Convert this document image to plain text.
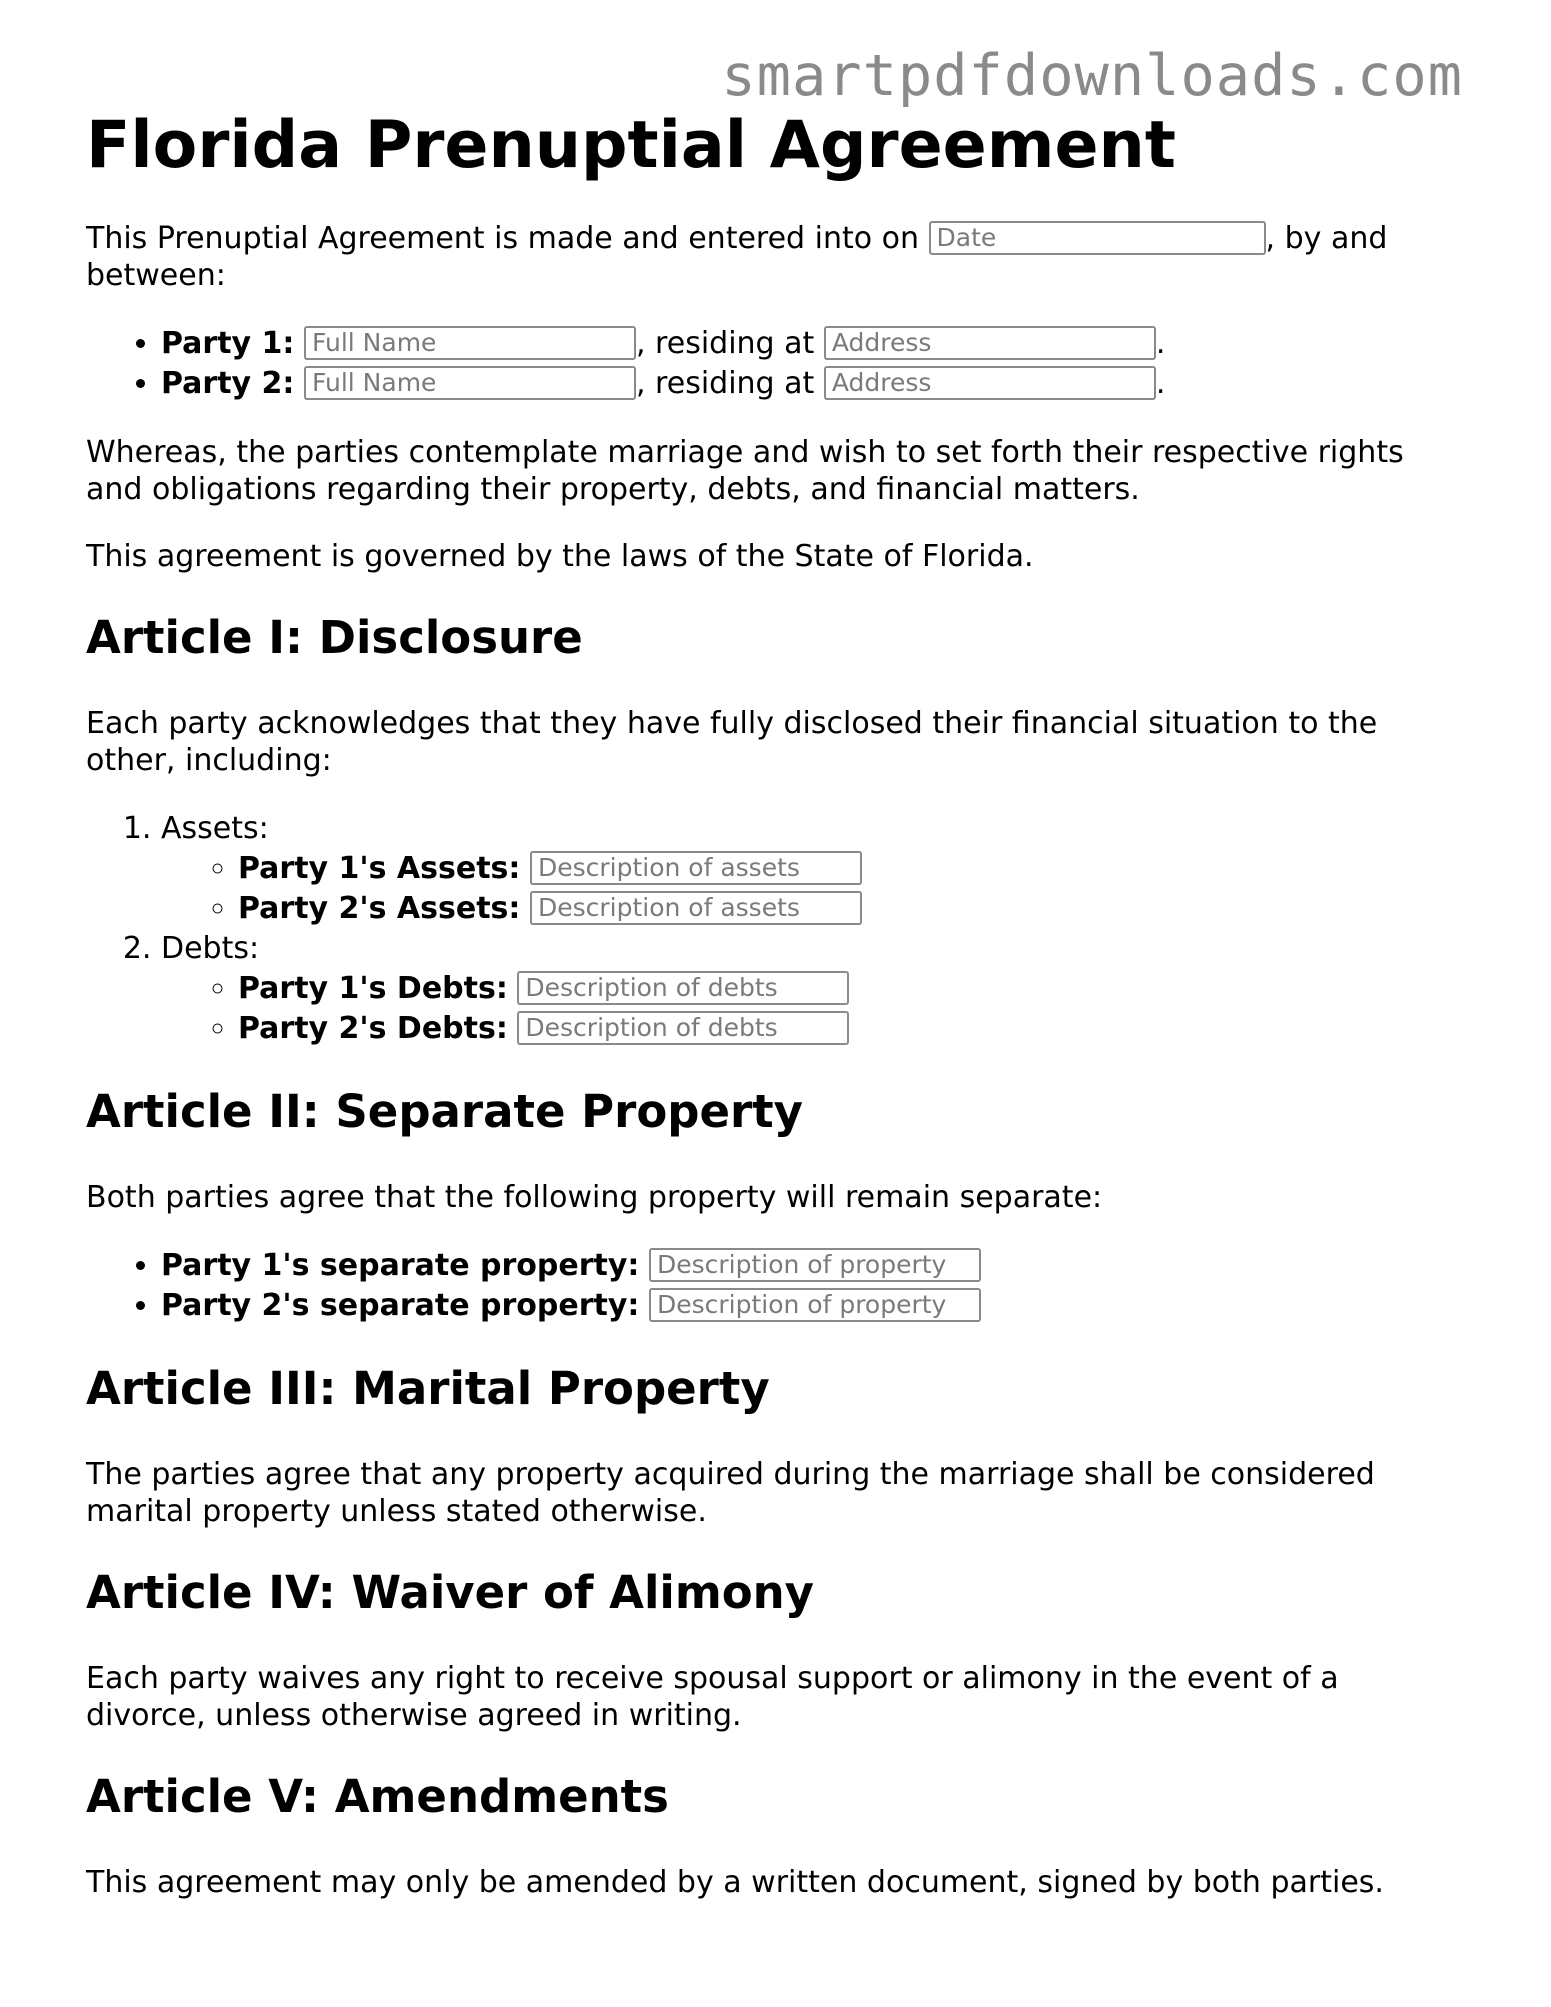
smartpdfdownloads.com
Florida Prenuptial Agreement

This Prenuptial Agreement is made and entered into on Date	, by and between:

• Party 1: Full Name	, residing at Address	.
• Party 2: Full Name	, residing at Address	.

Whereas, the parties contemplate marriage and wish to set forth their respective rights and obligations regarding their property, debts, and financial matters.

This agreement is governed by the laws of the State of Florida.

Article I: Disclosure

Each party acknowledges that they have fully disclosed their financial situation to the other, including:

1. Assets:
◦ Party 1's Assets: Description of assets
◦ Party 2's Assets: Description of assets
2. Debts:
◦ Party 1's Debts: Description of debts
◦ Party 2's Debts: Description of debts
Article II: Separate Property

Both parties agree that the following property will remain separate:

• Party 1's separate property: Description of property
• Party 2's separate property: Description of property
Article III: Marital Property

The parties agree that any property acquired during the marriage shall be considered marital property unless stated otherwise.

Article IV: Waiver of Alimony

Each party waives any right to receive spousal support or alimony in the event of a divorce, unless otherwise agreed in writing.

Article V: Amendments

This agreement may only be amended by a written document, signed by both parties.
